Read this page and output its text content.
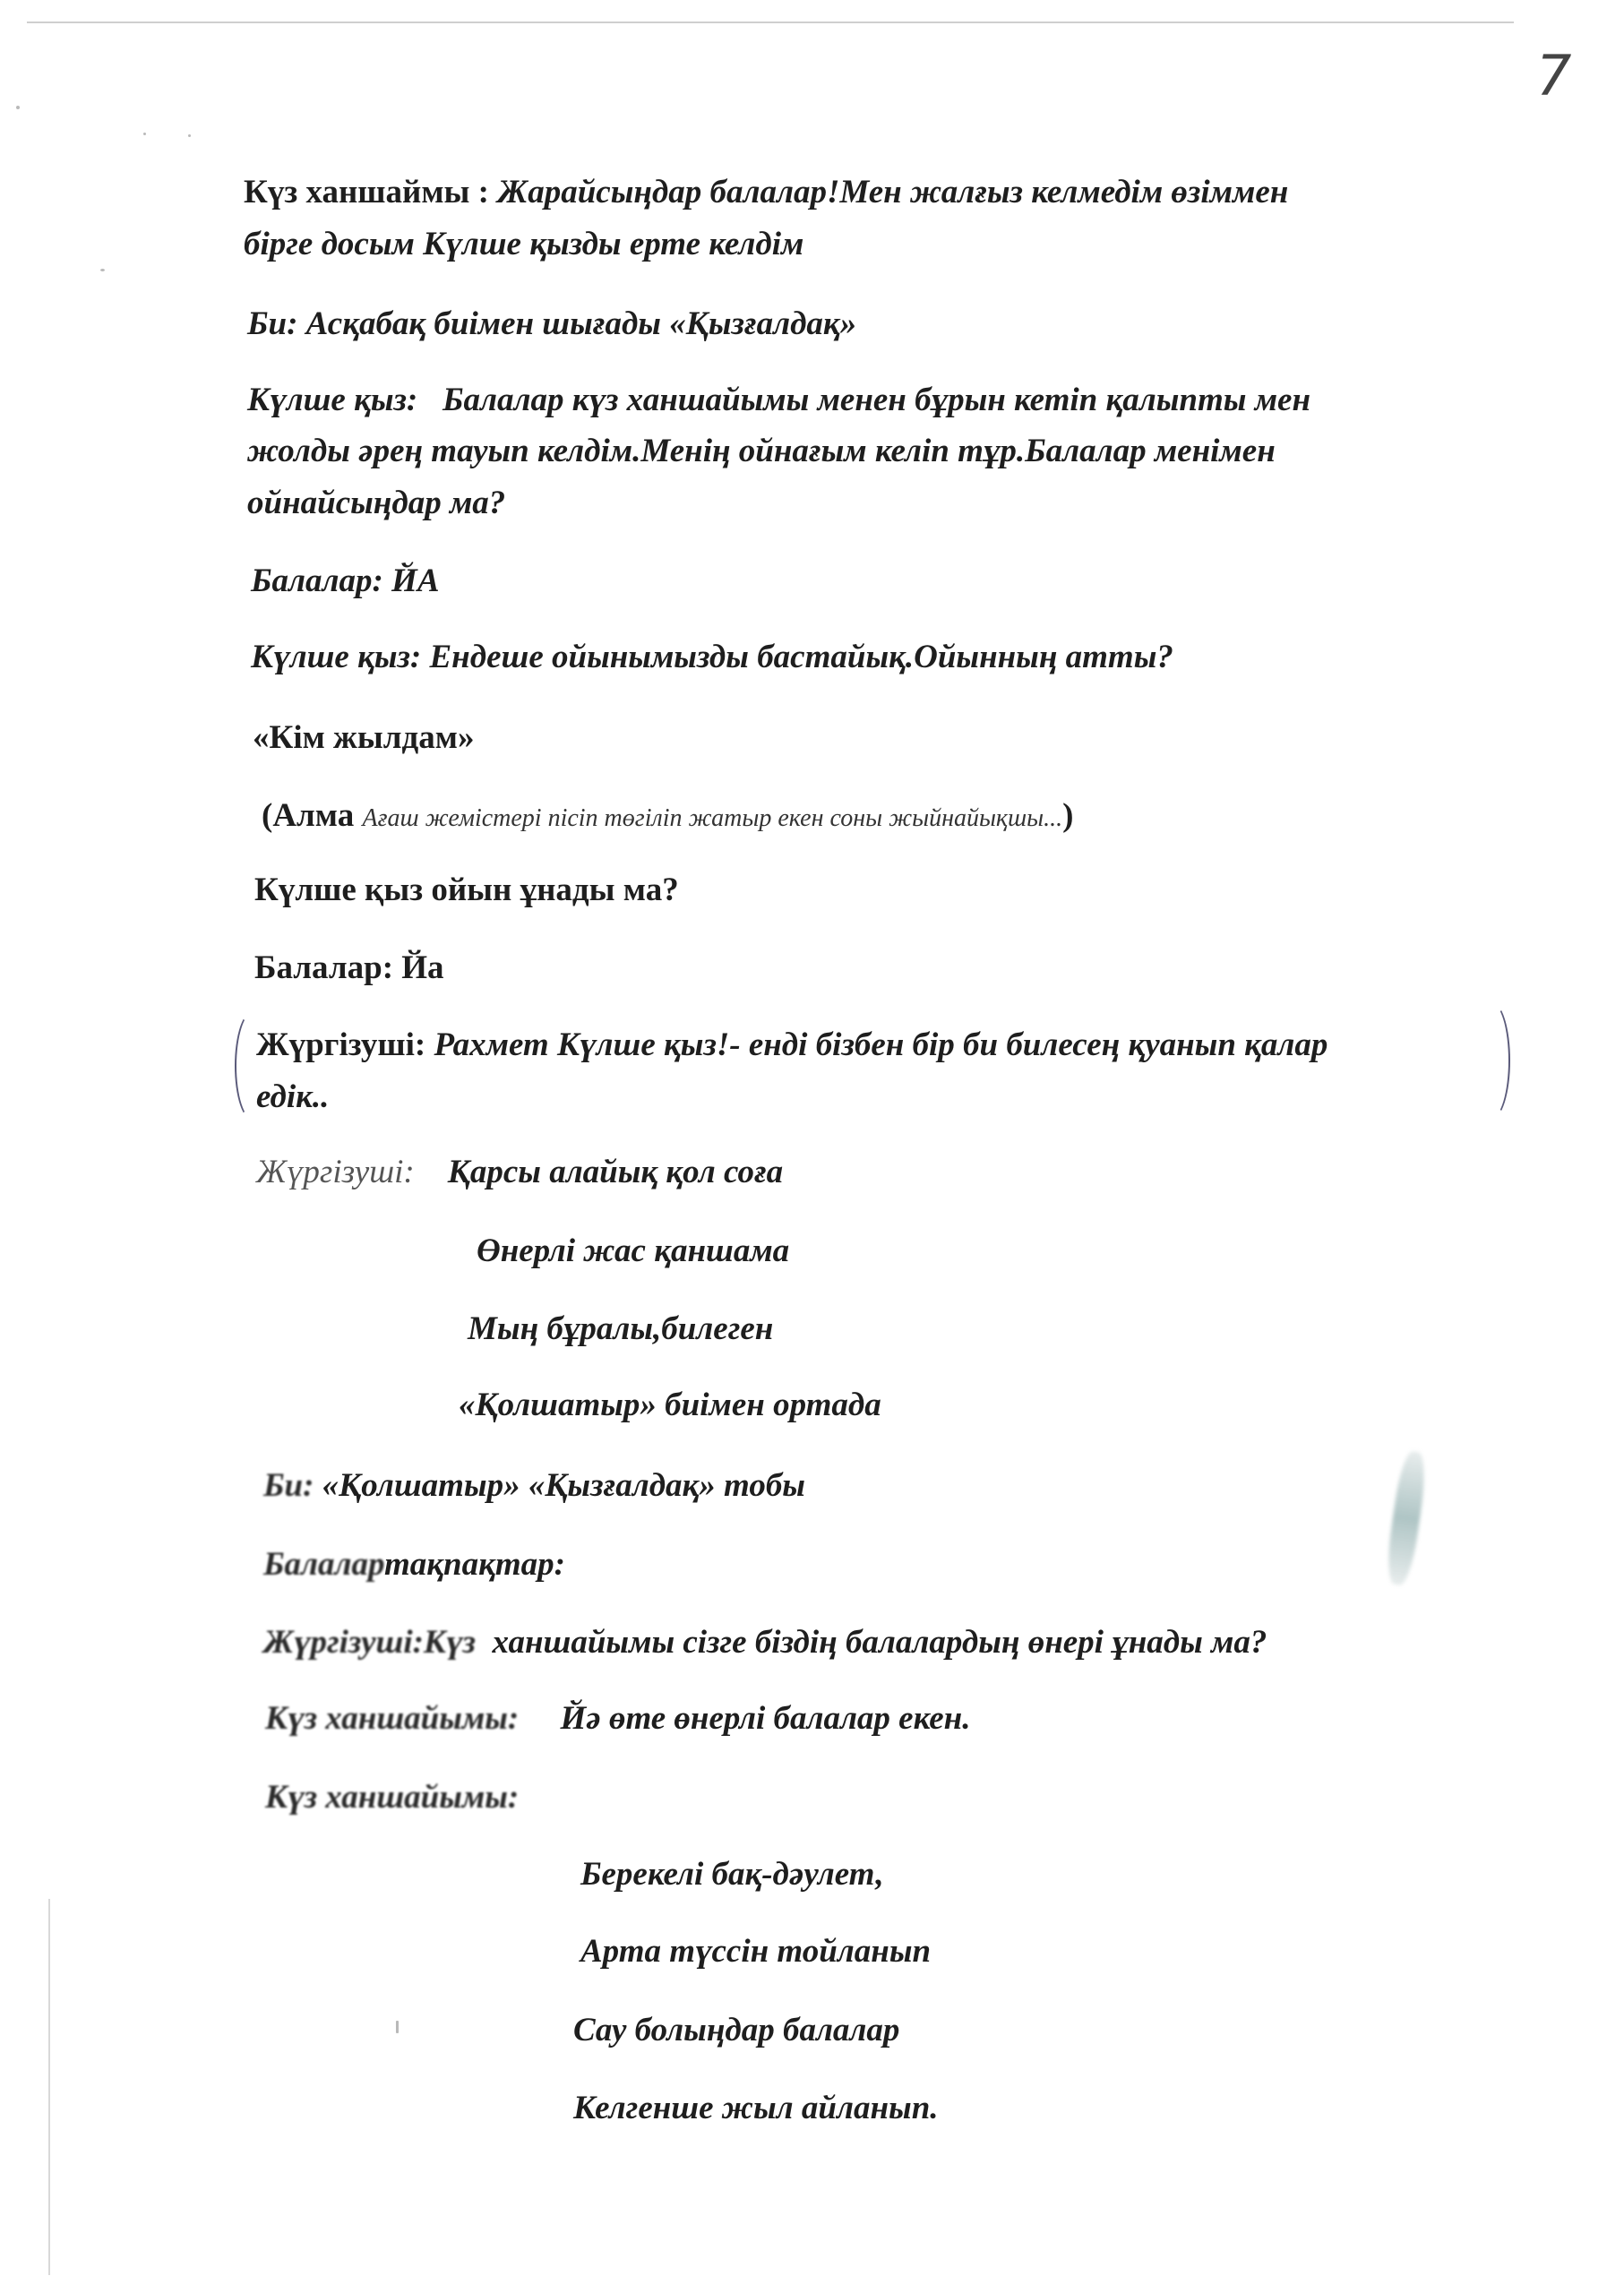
7
Күз ханшаймы : Жарайсыңдар балалар!Мен жалғыз келмедім өзіммен
бірге досым Күлше қызды ерте келдім
Би: Асқабақ биімен шығады «Қызғалдақ»
Күлше қыз: Балалар күз ханшайымы менен бұрын кетіп қалыпты мен
жолды әрең тауып келдім.Менің ойнағым келіп тұр.Балалар менімен
ойнайсыңдар ма?
Балалар: ЙА
Күлше қыз: Ендеше ойынымызды бастайық.Ойынның атты?
«Кім жылдам»
(Алма Ағаш жемістері пісіп төгіліп жатыр екен соны жыйнайықшы...)
Күлше қыз ойын ұнады ма?
Балалар: Йа
Жүргізуші: Рахмет Күлше қыз!- енді бізбен бір би билесең қуанып қалар
едік..
Жүргізуші: Қарсы алайық қол соға
Өнерлі жас қаншама
Мың бұралы,билеген
«Қолшатыр» биімен ортада
Би: «Қолшатыр» «Қызғалдақ» тобы
Балалартақпақтар:
Жүргізуші:Күз ханшайымы сізге біздің балалардың өнері ұнады ма?
Күз ханшайымы: Йә өте өнерлі балалар екен.
Күз ханшайымы:
Берекелі бақ-дәулет,
Арта түссін тойланып
Сау болыңдар балалар
Келгенше жыл айланып.
